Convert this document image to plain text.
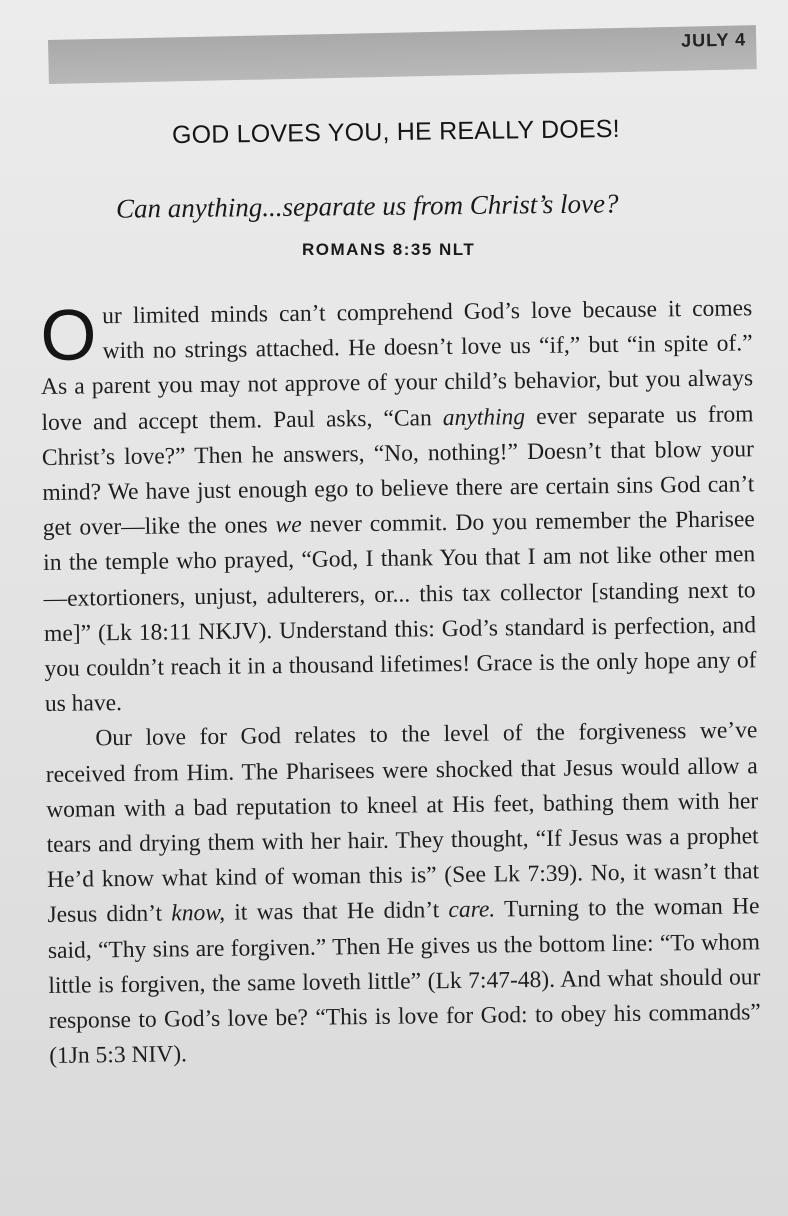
JULY 4
GOD LOVES YOU, HE REALLY DOES!

Can anything...separate us from Christ’s love?

ROMANS 8:35 NLT

Our limited minds can’t comprehend God’s love because it comes with no strings attached. He doesn’t love us “if,” but “in spite of.” As a parent you may not approve of your child’s behavior, but you always love and accept them. Paul asks, “Can anything ever separate us from Christ’s love?” Then he answers, “No, nothing!” Doesn’t that blow your mind? We have just enough ego to believe there are certain sins God can’t get over—like the ones we never commit. Do you remember the Pharisee in the temple who prayed, “God, I thank You that I am not like other men—extortioners, unjust, adulterers, or... this tax collector [standing next to me]” (Lk 18:11 NKJV). Understand this: God’s standard is perfection, and you couldn’t reach it in a thousand lifetimes! Grace is the only hope any of us have.

Our love for God relates to the level of the forgiveness we’ve received from Him. The Pharisees were shocked that Jesus would allow a woman with a bad reputation to kneel at His feet, bathing them with her tears and drying them with her hair. They thought, “If Jesus was a prophet He’d know what kind of woman this is” (See Lk 7:39). No, it wasn’t that Jesus didn’t know, it was that He didn’t care. Turning to the woman He said, “Thy sins are forgiven.” Then He gives us the bottom line: “To whom little is forgiven, the same loveth little” (Lk 7:47-48). And what should our response to God’s love be? “This is love for God: to obey his commands” (1Jn 5:3 NIV).
